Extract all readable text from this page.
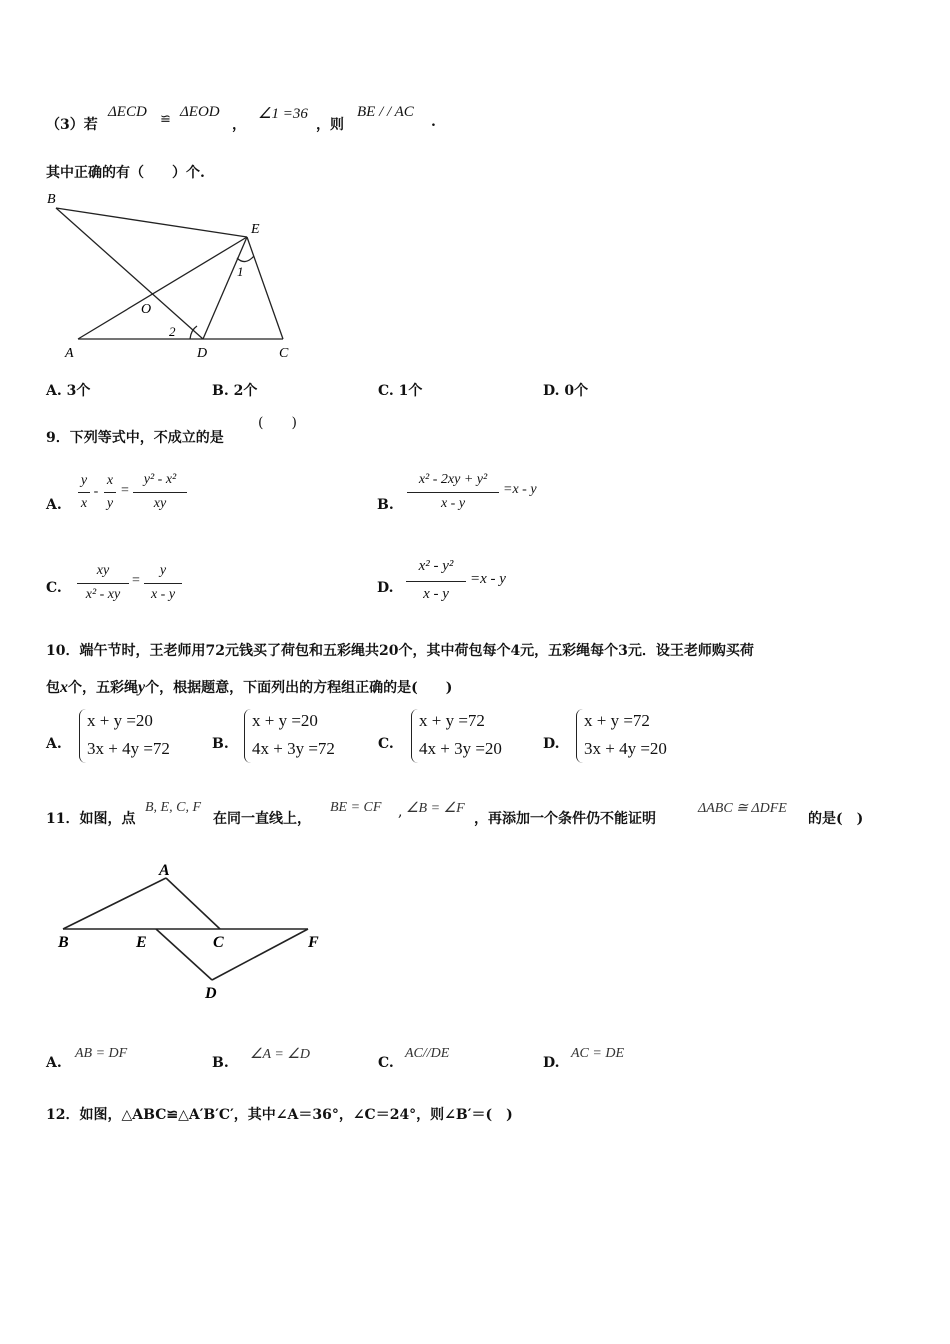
（3）若
ΔECD ≌ ΔEOD
，
∠1 =36
，则
BE / / AC
.
其中正确的有（　　）个.
B
E
O
A	D	C
1
2
A. 3个	B. 2个	C. 1个	D. 0个
9．下列等式中，不成立的是
(　　)
A.
y
x
-
x
y
=
y² - x²
xy	B.
x² - 2xy + y²
x - y
=x - y
C.
xy
x² - xy
=
y
x - y	D.
x² - y²
x - y
=x - y
10．端午节时，王老师用72元钱买了荷包和五彩绳共20个，其中荷包每个4元，五彩绳每个3元．设王老师购买荷
包x个，五彩绳y个，根据题意，下面列出的方程组正确的是(　　)
A.
x + y =20
3x + 4y =72	B.
x + y =20
4x + 3y =72	C.
x + y =72
4x + 3y =20	D.
x + y =72
3x + 4y =20
11．如图，点
B, E, C, F
在同一直线上，
BE = CF , ∠B = ∠F
，再添加一个条件仍不能证明
ΔABC ≅ ΔDFE
的是(　)
A
B	E	C	F
D
A.
AB = DF
B.
∠A = ∠D
C.
AC//DE
D.
AC = DE
12．如图，△ABC≌△A′B′C′，其中∠A＝36°，∠C＝24°，则∠B′＝(　)
